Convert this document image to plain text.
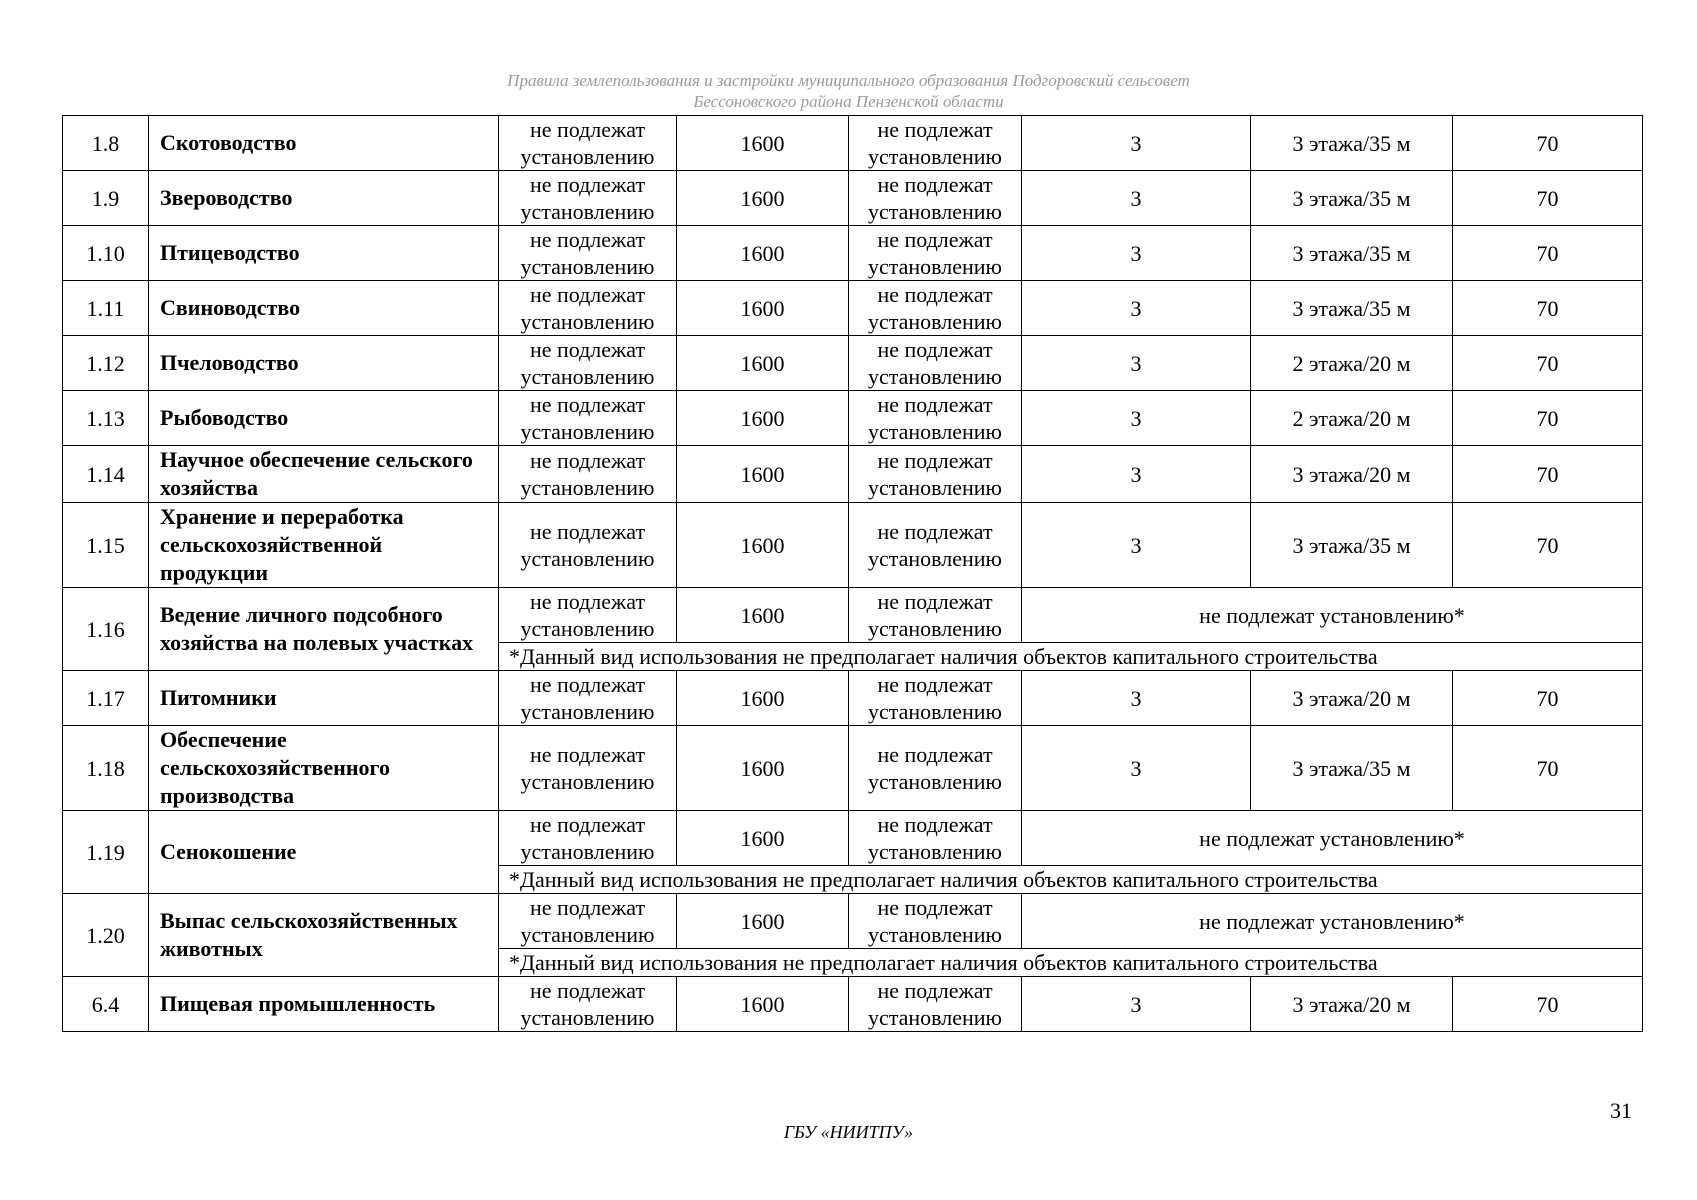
Правила землепользования и застройки муниципального образования Подгоровский сельсовет
Бессоновского района Пензенской области
1.8	Скотоводство	не подлежат установлению	1600	не подлежат установлению	3	3 этажа/35 м	70
1.9	Звероводство	не подлежат установлению	1600	не подлежат установлению	3	3 этажа/35 м	70
1.10	Птицеводство	не подлежат установлению	1600	не подлежат установлению	3	3 этажа/35 м	70
1.11	Свиноводство	не подлежат установлению	1600	не подлежат установлению	3	3 этажа/35 м	70
1.12	Пчеловодство	не подлежат установлению	1600	не подлежат установлению	3	2 этажа/20 м	70
1.13	Рыбоводство	не подлежат установлению	1600	не подлежат установлению	3	2 этажа/20 м	70
1.14	Научное обеспечение сельского хозяйства	не подлежат установлению	1600	не подлежат установлению	3	3 этажа/20 м	70
1.15	Хранение и переработка сельскохозяйственной продукции	не подлежат установлению	1600	не подлежат установлению	3	3 этажа/35 м	70
1.16	Ведение личного подсобного хозяйства на полевых участках	не подлежат установлению	1600	не подлежат установлению	не подлежат установлению*		
		*Данный вид использования не предполагает наличия объектов капитального строительства					
1.17	Питомники	не подлежат установлению	1600	не подлежат установлению	3	3 этажа/20 м	70
1.18	Обеспечение сельскохозяйственного производства	не подлежат установлению	1600	не подлежат установлению	3	3 этажа/35 м	70
1.19	Сенокошение	не подлежат установлению	1600	не подлежат установлению	не подлежат установлению*		
		*Данный вид использования не предполагает наличия объектов капитального строительства					
1.20	Выпас сельскохозяйственных животных	не подлежат установлению	1600	не подлежат установлению	не подлежат установлению*		
		*Данный вид использования не предполагает наличия объектов капитального строительства					
6.4	Пищевая промышленность	не подлежат установлению	1600	не подлежат установлению	3	3 этажа/20 м	70
31
ГБУ «НИИТПУ»
